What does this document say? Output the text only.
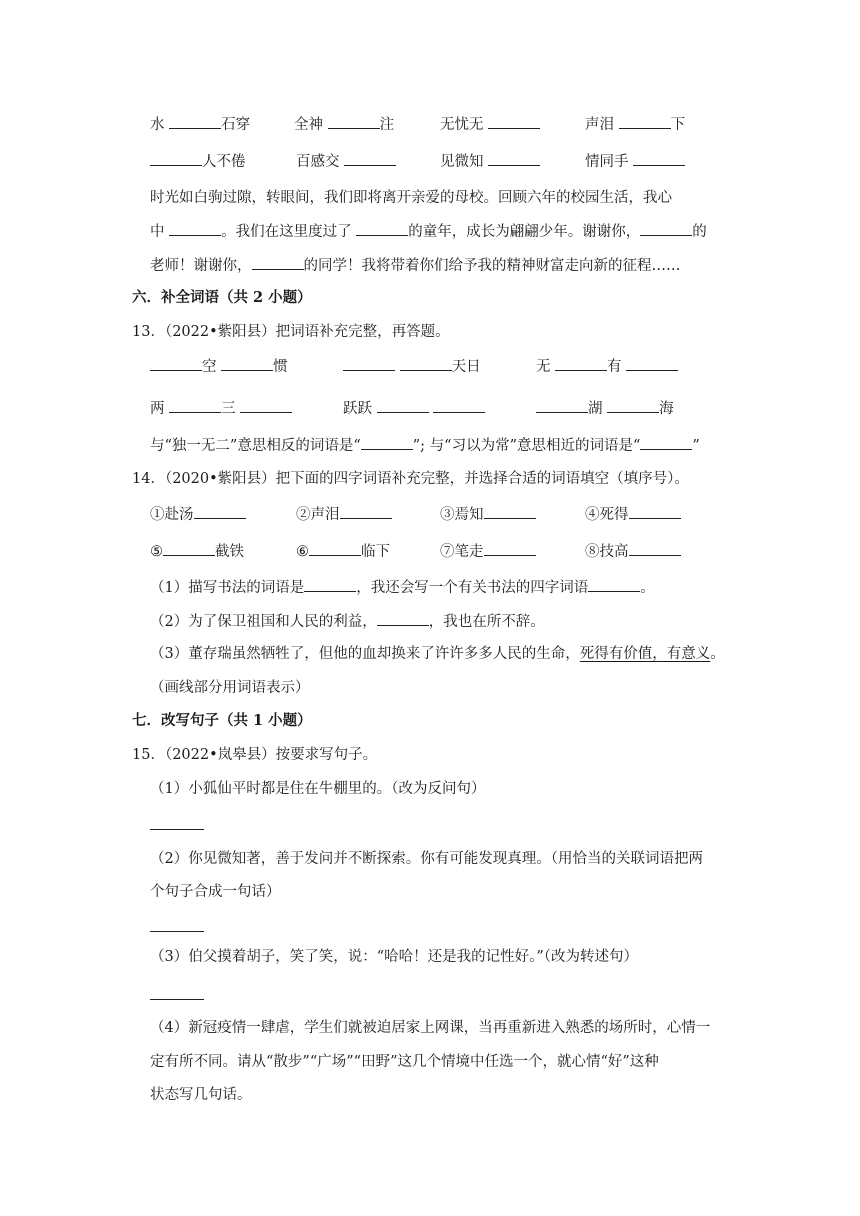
水	石穿	全神	注	无忧无	声泪	下
人不倦	百感交	见微知	情同手
时光如白驹过隙，转眼间，我们即将离开亲爱的母校。回顾六年的校园生活，我心
中	。我们在这里度过了	的童年，成长为翩翩少年。谢谢你，	的
老师！谢谢你，	的同学！我将带着你们给予我的精神财富走向新的征程……
六．补全词语（共 2 小题）
13．（2022•紫阳县）把词语补充完整，再答题。
空	惯	天日	无	有
两	三	跃跃	湖	海
与“独一无二”意思相反的词语是“	”; 与“习以为常”意思相近的词语是“	”
14．（2020•紫阳县）把下面的四字词语补充完整，并选择合适的词语填空（填序号）。
①赴汤	②声泪	③焉知	④死得
⑤	截铁	⑥	临下	⑦笔走	⑧技高
（1）描写书法的词语是	，我还会写一个有关书法的四字词语	。
（2）为了保卫祖国和人民的利益，	，我也在所不辞。
（3）董存瑞虽然牺牲了，但他的血却换来了许许多多人民的生命，死得有价值，有意义。
（画线部分用词语表示）
七．改写句子（共 1 小题）
15．（2022•岚皋县）按要求写句子。
（1）小狐仙平时都是住在牛棚里的。（改为反问句）
（2）你见微知著，善于发问并不断探索。你有可能发现真理。（用恰当的关联词语把两
个句子合成一句话）
（3）伯父摸着胡子，笑了笑，说：“哈哈！还是我的记性好。”（改为转述句）
（4）新冠疫情一肆虐，学生们就被迫居家上网课，当再重新进入熟悉的场所时，心情一
定有所不同。请从“散步”“广场”“田野”这几个情境中任选一个，就心情“好”这种
状态写几句话。
